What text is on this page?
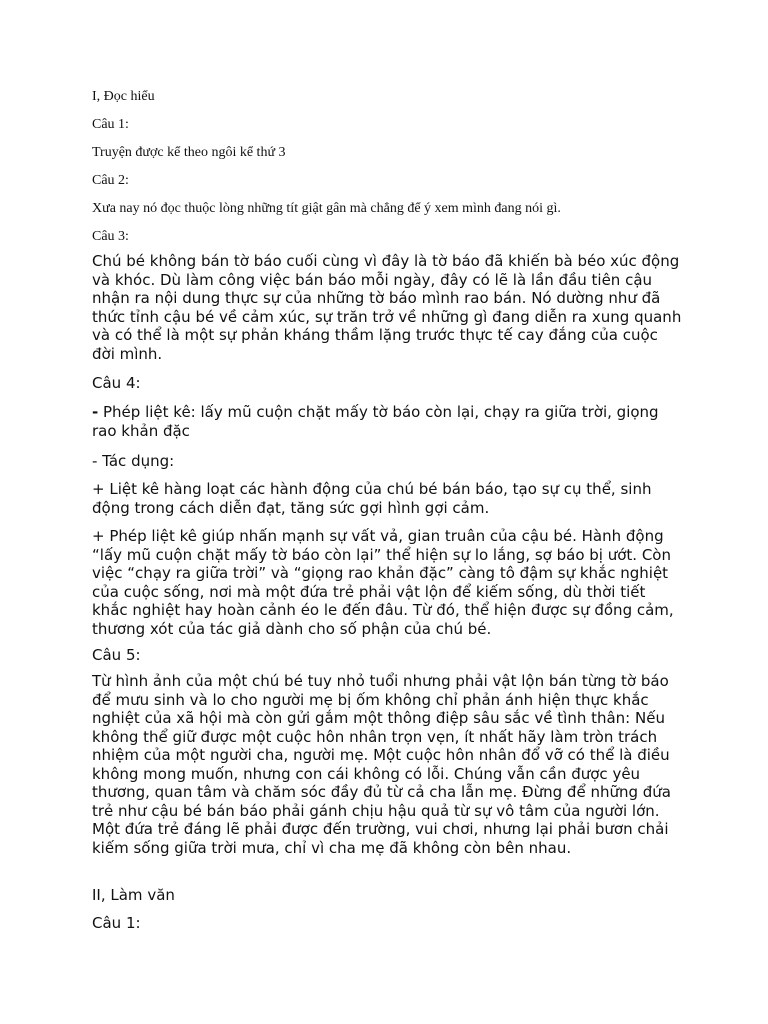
I, Đọc hiểu

Câu 1:

Truyện được kể theo ngôi kể thứ 3

Câu 2:

Xưa nay nó đọc thuộc lòng những tít giật gân mà chẳng để ý xem mình đang nói gì.

Câu 3:

Chú bé không bán tờ báo cuối cùng vì đây là tờ báo đã khiến bà béo xúc động và khóc. Dù làm công việc bán báo mỗi ngày, đây có lẽ là lần đầu tiên cậu nhận ra nội dung thực sự của những tờ báo mình rao bán. Nó dường như đã thức tỉnh cậu bé về cảm xúc, sự trăn trở về những gì đang diễn ra xung quanh và có thể là một sự phản kháng thầm lặng trước thực tế cay đắng của cuộc đời mình.

Câu 4:

- Phép liệt kê: lấy mũ cuộn chặt mấy tờ báo còn lại, chạy ra giữa trời, giọng rao khản đặc

- Tác dụng:

+ Liệt kê hàng loạt các hành động của chú bé bán báo, tạo sự cụ thể, sinh động trong cách diễn đạt, tăng sức gợi hình gợi cảm.

+ Phép liệt kê giúp nhấn mạnh sự vất vả, gian truân của cậu bé. Hành động “lấy mũ cuộn chặt mấy tờ báo còn lại” thể hiện sự lo lắng, sợ báo bị ướt. Còn việc “chạy ra giữa trời” và “giọng rao khản đặc” càng tô đậm sự khắc nghiệt của cuộc sống, nơi mà một đứa trẻ phải vật lộn để kiếm sống, dù thời tiết khắc nghiệt hay hoàn cảnh éo le đến đâu. Từ đó, thể hiện được sự đồng cảm, thương xót của tác giả dành cho số phận của chú bé.

Câu 5:

Từ hình ảnh của một chú bé tuy nhỏ tuổi nhưng phải vật lộn bán từng tờ báo để mưu sinh và lo cho người mẹ bị ốm không chỉ phản ánh hiện thực khắc nghiệt của xã hội mà còn gửi gắm một thông điệp sâu sắc về tình thân: Nếu không thể giữ được một cuộc hôn nhân trọn vẹn, ít nhất hãy làm tròn trách nhiệm của một người cha, người mẹ. Một cuộc hôn nhân đổ vỡ có thể là điều không mong muốn, nhưng con cái không có lỗi. Chúng vẫn cần được yêu thương, quan tâm và chăm sóc đầy đủ từ cả cha lẫn mẹ. Đừng để những đứa trẻ như cậu bé bán báo phải gánh chịu hậu quả từ sự vô tâm của người lớn. Một đứa trẻ đáng lẽ phải được đến trường, vui chơi, nhưng lại phải bươn chải kiếm sống giữa trời mưa, chỉ vì cha mẹ đã không còn bên nhau.

II, Làm văn

Câu 1:
